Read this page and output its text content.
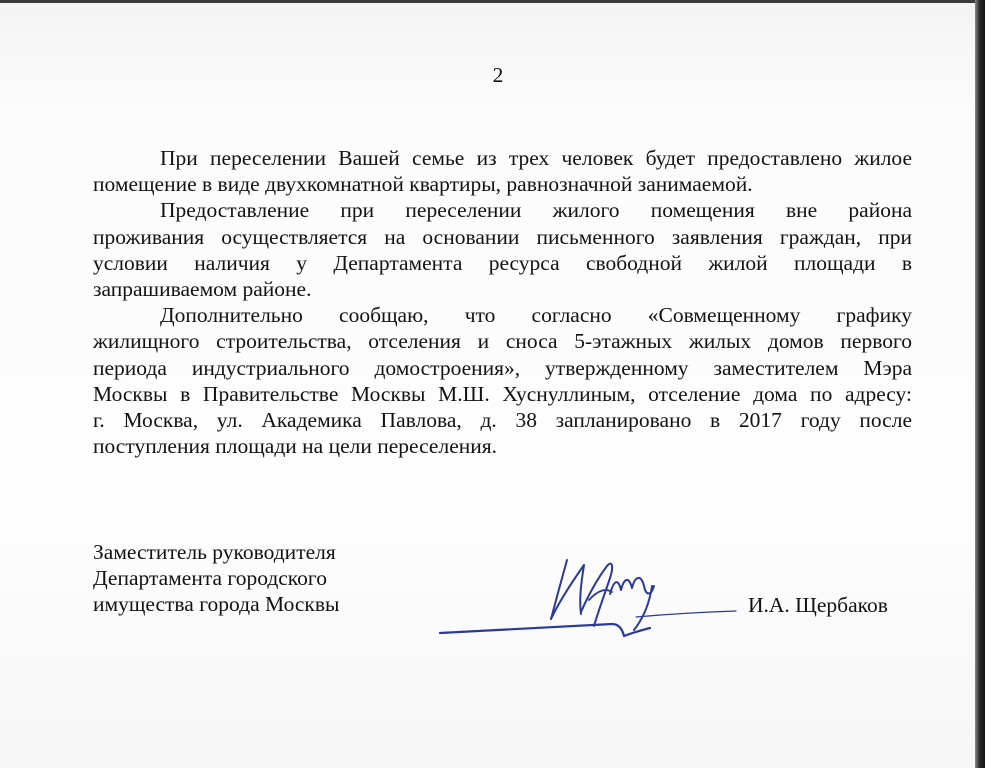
2
При переселении Вашей семье из трех человек будет предоставлено жилое
помещение в виде двухкомнатной квартиры, равнозначной занимаемой.
Предоставление при переселении жилого помещения вне района
проживания осуществляется на основании письменного заявления граждан, при
условии наличия у Департамента ресурса свободной жилой площади в
запрашиваемом районе.
Дополнительно сообщаю, что согласно «Совмещенному графику
жилищного строительства, отселения и сноса 5-этажных жилых домов первого
периода индустриального домостроения», утвержденному заместителем Мэра
Москвы в Правительстве Москвы М.Ш. Хуснуллиным, отселение дома по адресу:
г. Москва, ул. Академика Павлова, д. 38 запланировано в 2017 году после
поступления площади на цели переселения.
Заместитель руководителя
Департамента городского
имущества города Москвы	И.А. Щербаков
